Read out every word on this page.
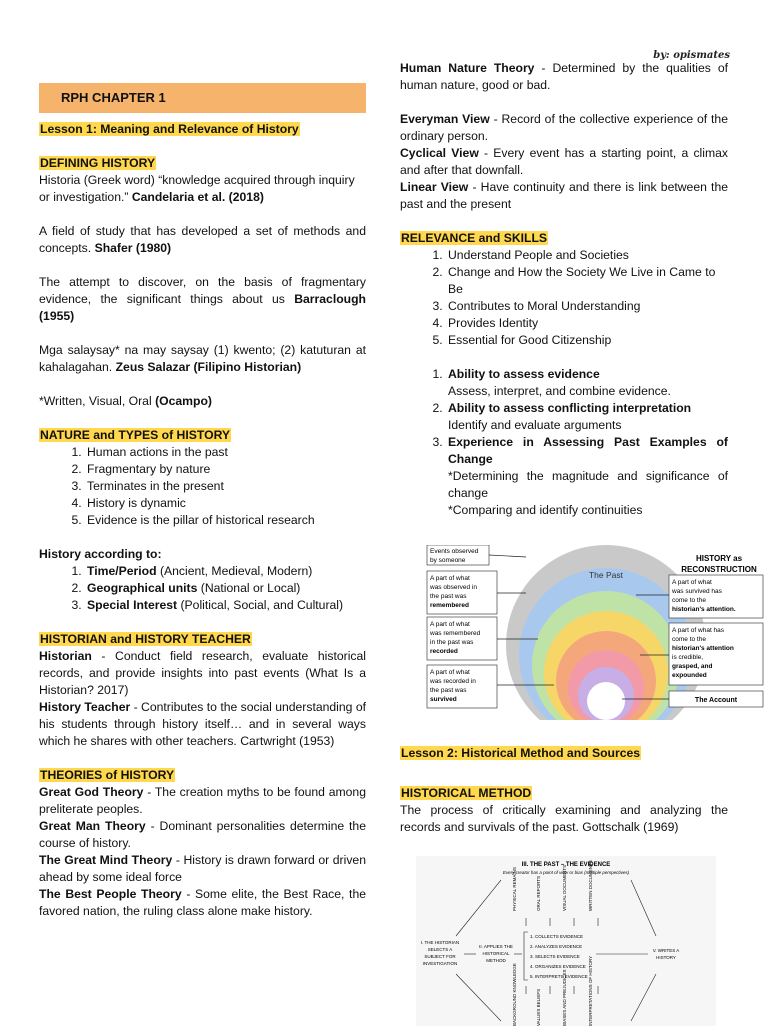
by: opismates
RPH CHAPTER 1

Lesson 1: Meaning and Relevance of History

DEFINING HISTORY

Historia (Greek word) “knowledge acquired through inquiry or investigation.” Candelaria et al. (2018)

A field of study that has developed a set of methods and concepts. Shafer (1980)

The attempt to discover, on the basis of fragmentary evidence, the significant things about us Barraclough (1955)

Mga salaysay* na may saysay (1) kwento; (2) katuturan at kahalagahan. Zeus Salazar (Filipino Historian)

*Written, Visual, Oral (Ocampo)

NATURE and TYPES of HISTORY

1. Human actions in the past
2. Fragmentary by nature
3. Terminates in the present
4. History is dynamic
5. Evidence is the pillar of historical research

History according to:

1. Time/Period (Ancient, Medieval, Modern)
2. Geographical units (National or Local)
3. Special Interest (Political, Social, and Cultural)

HISTORIAN and HISTORY TEACHER

Historian - Conduct field research, evaluate historical records, and provide insights into past events (What Is a Historian? 2017)

History Teacher - Contributes to the social understanding of his students through history itself… and in several ways which he shares with other teachers. Cartwright (1953)

THEORIES of HISTORY

Great God Theory - The creation myths to be found among preliterate peoples.

Great Man Theory - Dominant personalities determine the course of history.

The Great Mind Theory - History is drawn forward or driven ahead by some ideal force

The Best People Theory - Some elite, the Best Race, the favored nation, the ruling class alone make history.

Human Nature Theory - Determined by the qualities of human nature, good or bad.

Everyman View - Record of the collective experience of the ordinary person.

Cyclical View - Every event has a starting point, a climax and after that downfall.

Linear View - Have continuity and there is link between the past and the present

RELEVANCE and SKILLS

1. Understand People and Societies
2. Change and How the Society We Live in Came to Be
3. Contributes to Moral Understanding
4. Provides Identity
5. Essential for Good Citizenship
1. Ability to assess evidence
Assess, interpret, and combine evidence.
2. Ability to assess conflicting interpretation
Identify and evaluate arguments
3. Experience in Assessing Past Examples of Change
*Determining the magnitude and significance of change
*Comparing and identify continuities
The Past
HISTORY as
RECONSTRUCTION
Events observed
by someone
A part of what
was observed in
the past was
remembered
A part of what
was remembered
in the past was
recorded
A part of what
was recorded in
the past was
survived
A part of what
was survived has
come to the
historian's attention.
A part of what has
come to the
historian's attention
is credible,
grasped, and
expounded
The Account

Lesson 2: Historical Method and Sources

HISTORICAL METHOD

The process of critically examining and analyzing the records and survivals of the past. Gottschalk (1969)

III. THE PAST – THE EVIDENCE
Every creator has a point of view or bias (multiple perspectives)
PHYSICAL REMAINS	ORAL REPORTS	VISUAL DOCUMENTS	WRITTEN DOCUMENTS
I. THE HISTORIAN
SELECTS A
SUBJECT FOR
INVESTIGATION
II. APPLIES THE
HISTORICAL
METHOD
1. COLLECTS EVIDENCE
2. ANALYZES EVIDENCE
3. SELECTS EVIDENCE
4. ORGANIZES EVIDENCE
5. INTERPRETS EVIDENCE
V. WRITES A
HISTORY
BACKGROUND KNOWLEDGE	VALUES BELIEFS	BIASES AND PREJUDICES	INTERPRETATIONS OF HISTORY
